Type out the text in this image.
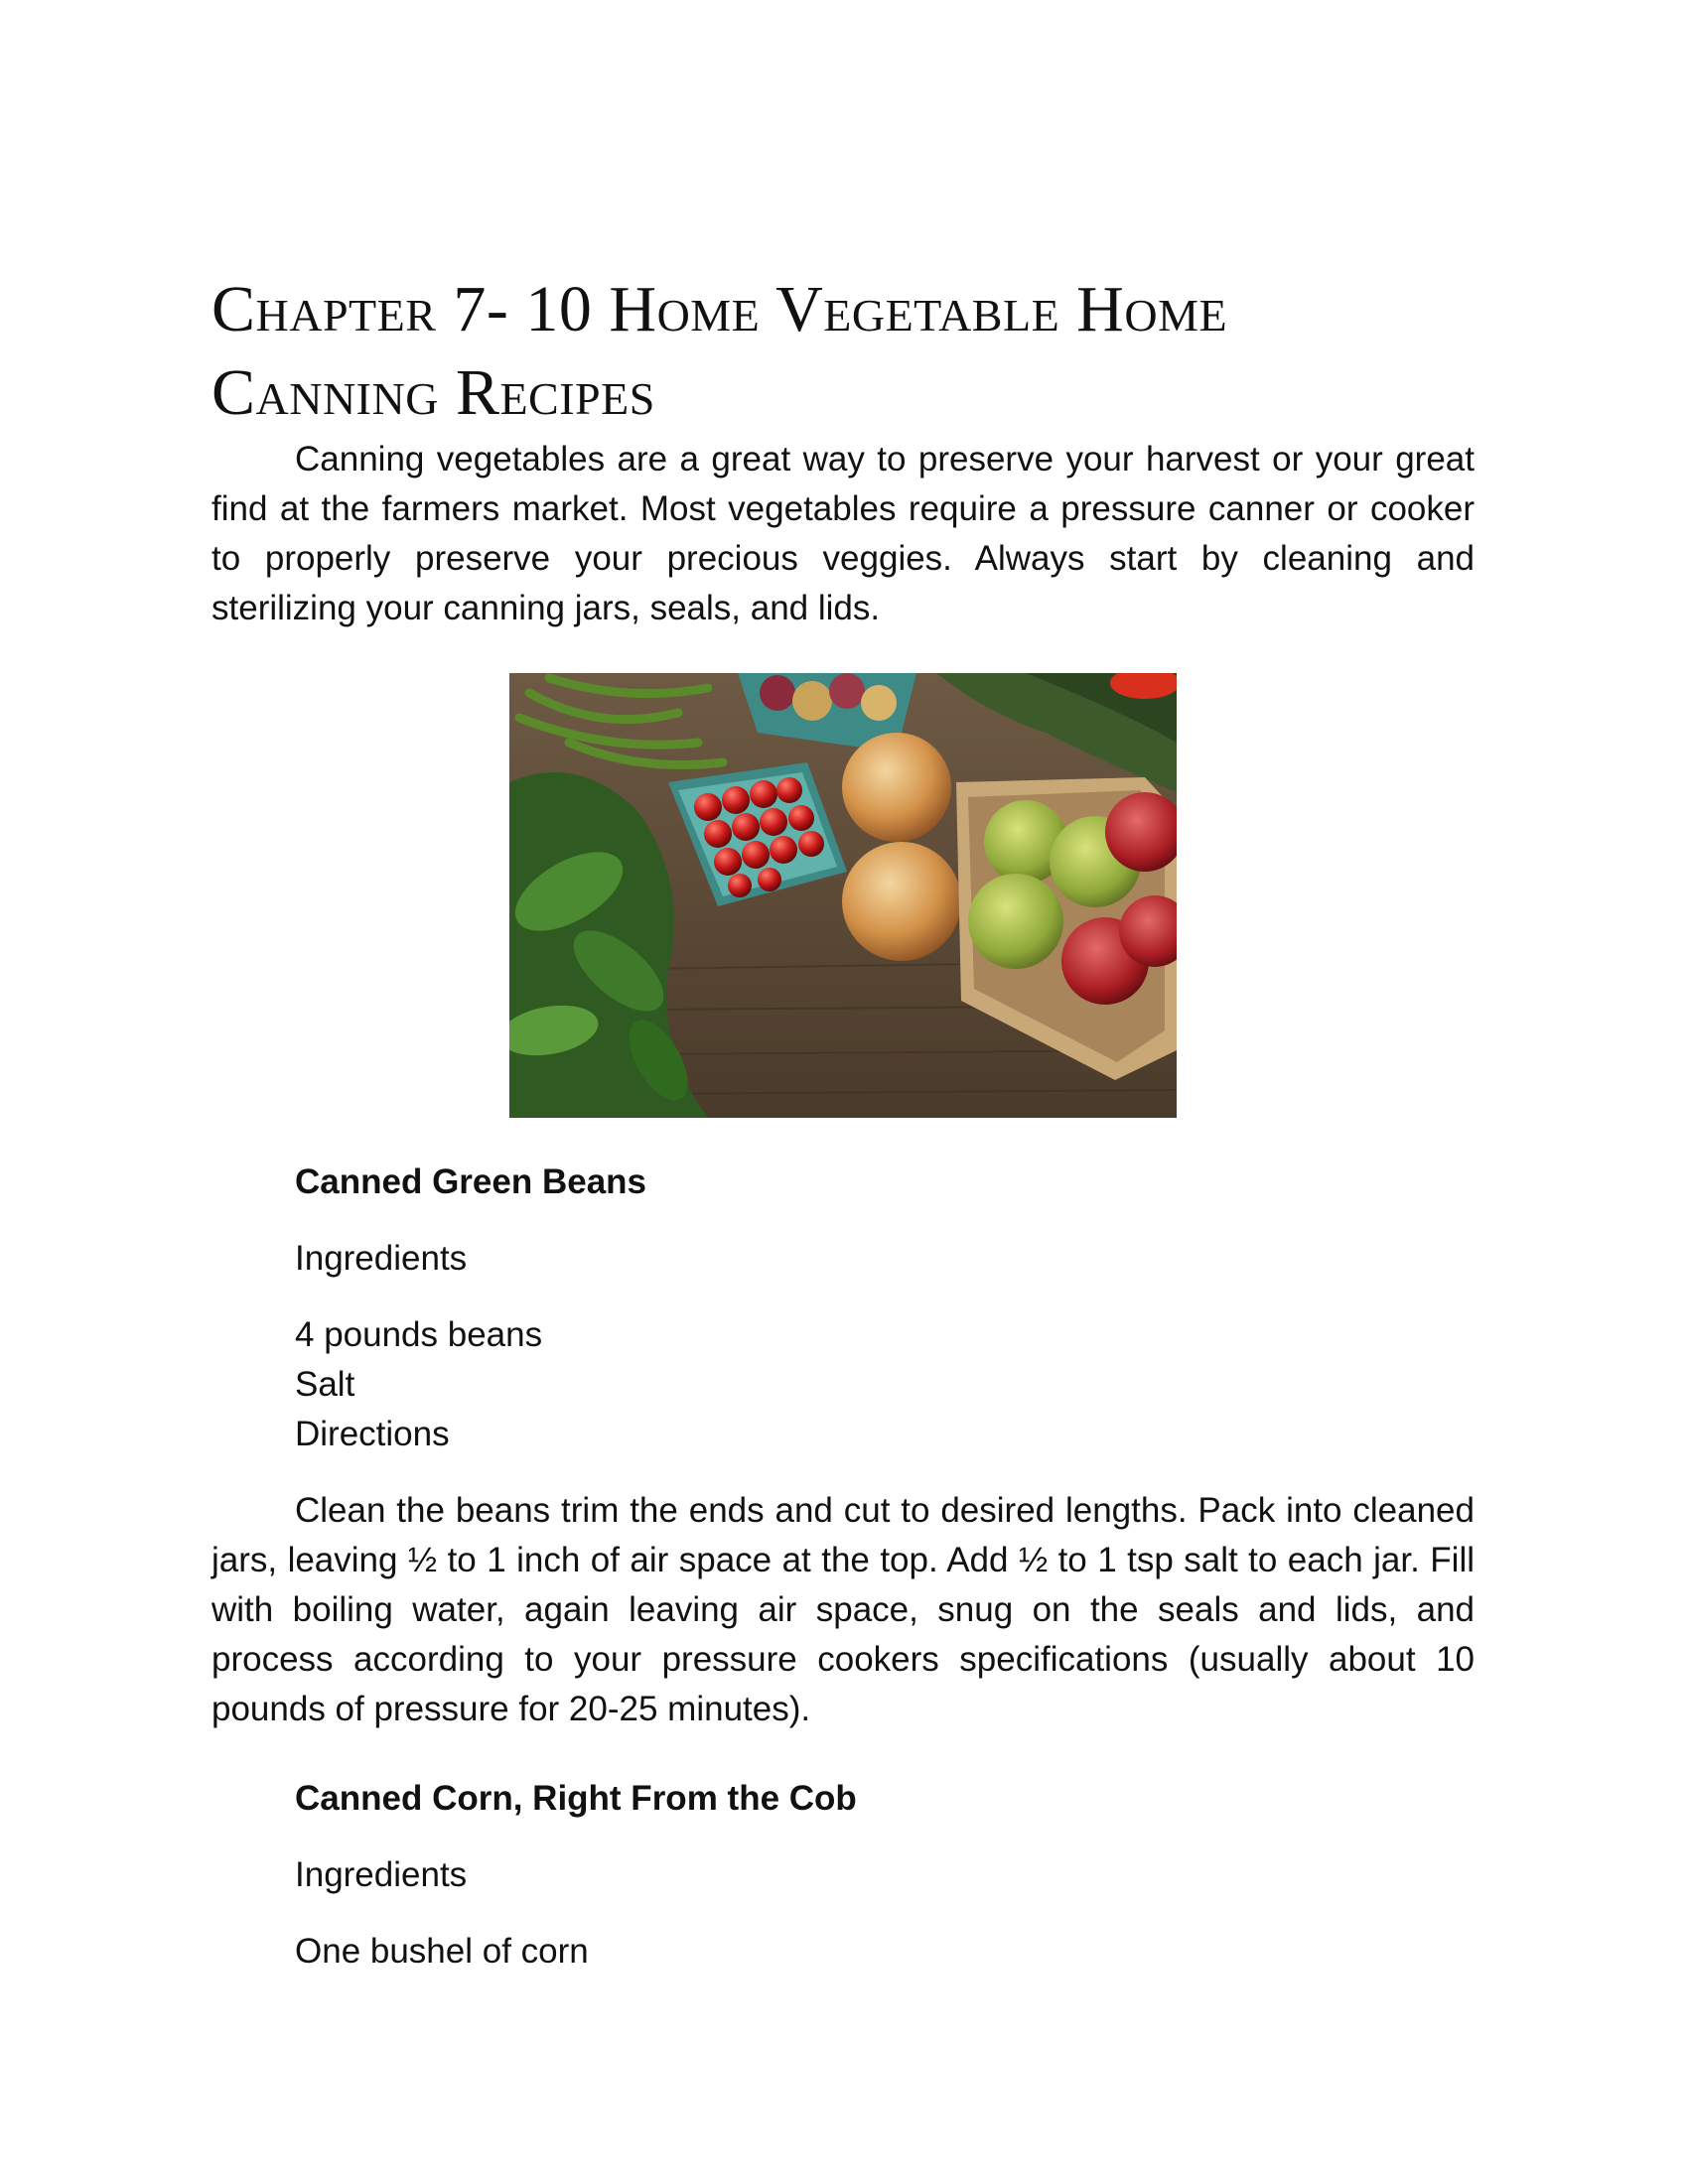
Chapter 7- 10 Home Vegetable Home
Canning Recipes

Canning vegetables are a great way to preserve your harvest or your great find at the farmers market. Most vegetables require a pressure canner or cooker to properly preserve your precious veggies. Always start by cleaning and sterilizing your canning jars, seals, and lids.

Canned Green Beans

Ingredients

4 pounds beans
Salt
Directions

Clean the beans trim the ends and cut to desired lengths. Pack into cleaned jars, leaving ½ to 1 inch of air space at the top. Add ½ to 1 tsp salt to each jar. Fill with boiling water, again leaving air space, snug on the seals and lids, and process according to your pressure cookers specifications (usually about 10 pounds of pressure for 20-25 minutes).

Canned Corn, Right From the Cob

Ingredients

One bushel of corn
